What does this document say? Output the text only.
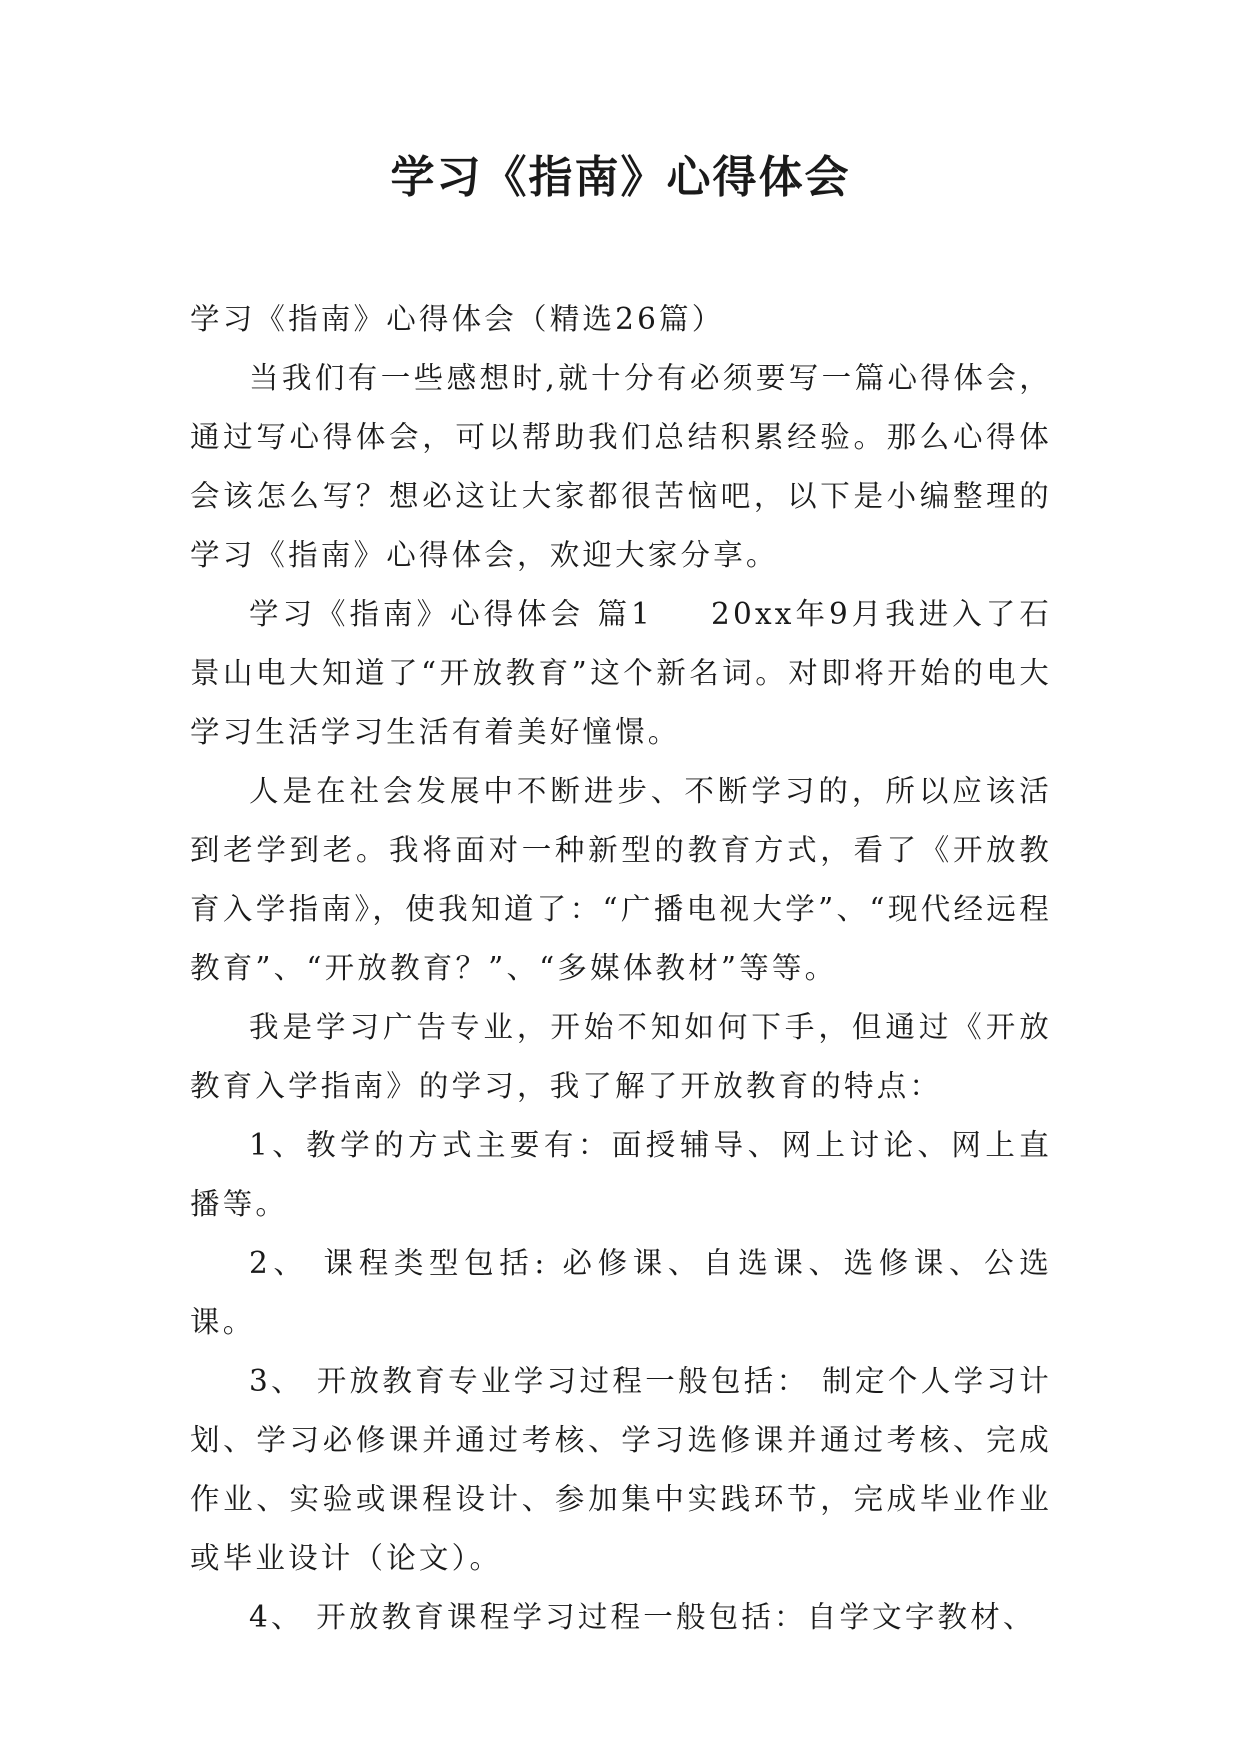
学习《指南》心得体会

学习《指南》心得体会（精选26篇）

当我们有一些感想时,就十分有必须要写一篇心得体会，通过写心得体会，可以帮助我们总结积累经验。那么心得体会该怎么写？想必这让大家都很苦恼吧，以下是小编整理的学习《指南》心得体会，欢迎大家分享。

学习《指南》心得体会 篇1 20xx年9月我进入了石景山电大知道了“开放教育”这个新名词。对即将开始的电大学习生活学习生活有着美好憧憬。

人是在社会发展中不断进步、不断学习的，所以应该活到老学到老。我将面对一种新型的教育方式，看了《开放教育入学指南》，使我知道了：“广播电视大学”、“现代经远程教育”、“开放教育？”、“多媒体教材”等等。

我是学习广告专业，开始不知如何下手，但通过《开放教育入学指南》的学习，我了解了开放教育的特点：

1、教学的方式主要有：面授辅导、网上讨论、网上直播等。

2、 课程类型包括: 必修课、自选课、选修课、公选课。

3、 开放教育专业学习过程一般包括： 制定个人学习计划、学习必修课并通过考核、学习选修课并通过考核、完成作业、实验或课程设计、参加集中实践环节，完成毕业作业或毕业设计（论文）。

4、 开放教育课程学习过程一般包括：自学文字教材、
